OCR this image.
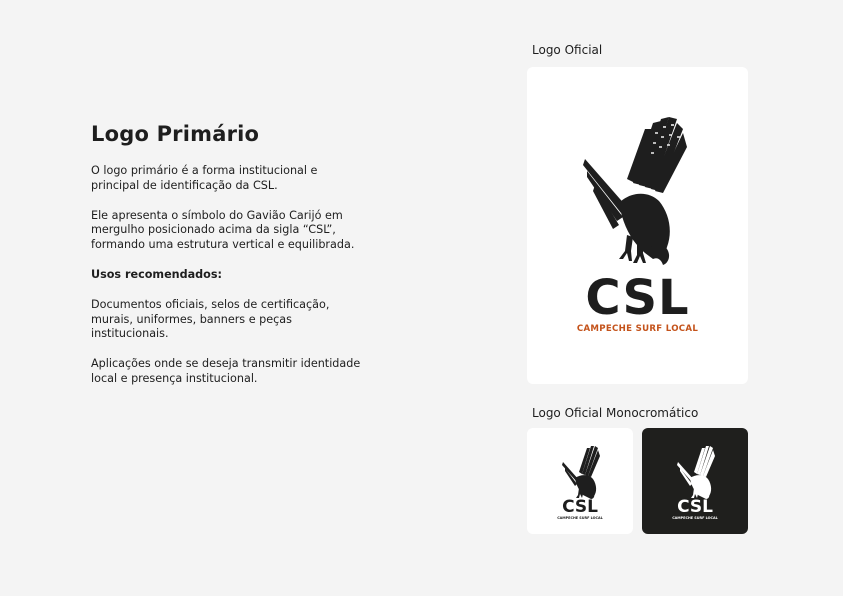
Logo Primário

O logo primário é a forma institucional e principal de identificação da CSL.

Ele apresenta o símbolo do Gavião Carijó em mergulho posicionado acima da sigla “CSL”, formando uma estrutura vertical e equilibrada.

Usos recomendados:

Documentos oficiais, selos de certificação, murais, uniformes, banners e peças institucionais.

Aplicações onde se deseja transmitir identidade local e presença institucional.

Logo Oficial
CSL
CAMPECHE SURF LOCAL
Logo Oficial Monocromático
CSL
CAMPECHE SURF LOCAL
CSL
CAMPECHE SURF LOCAL
